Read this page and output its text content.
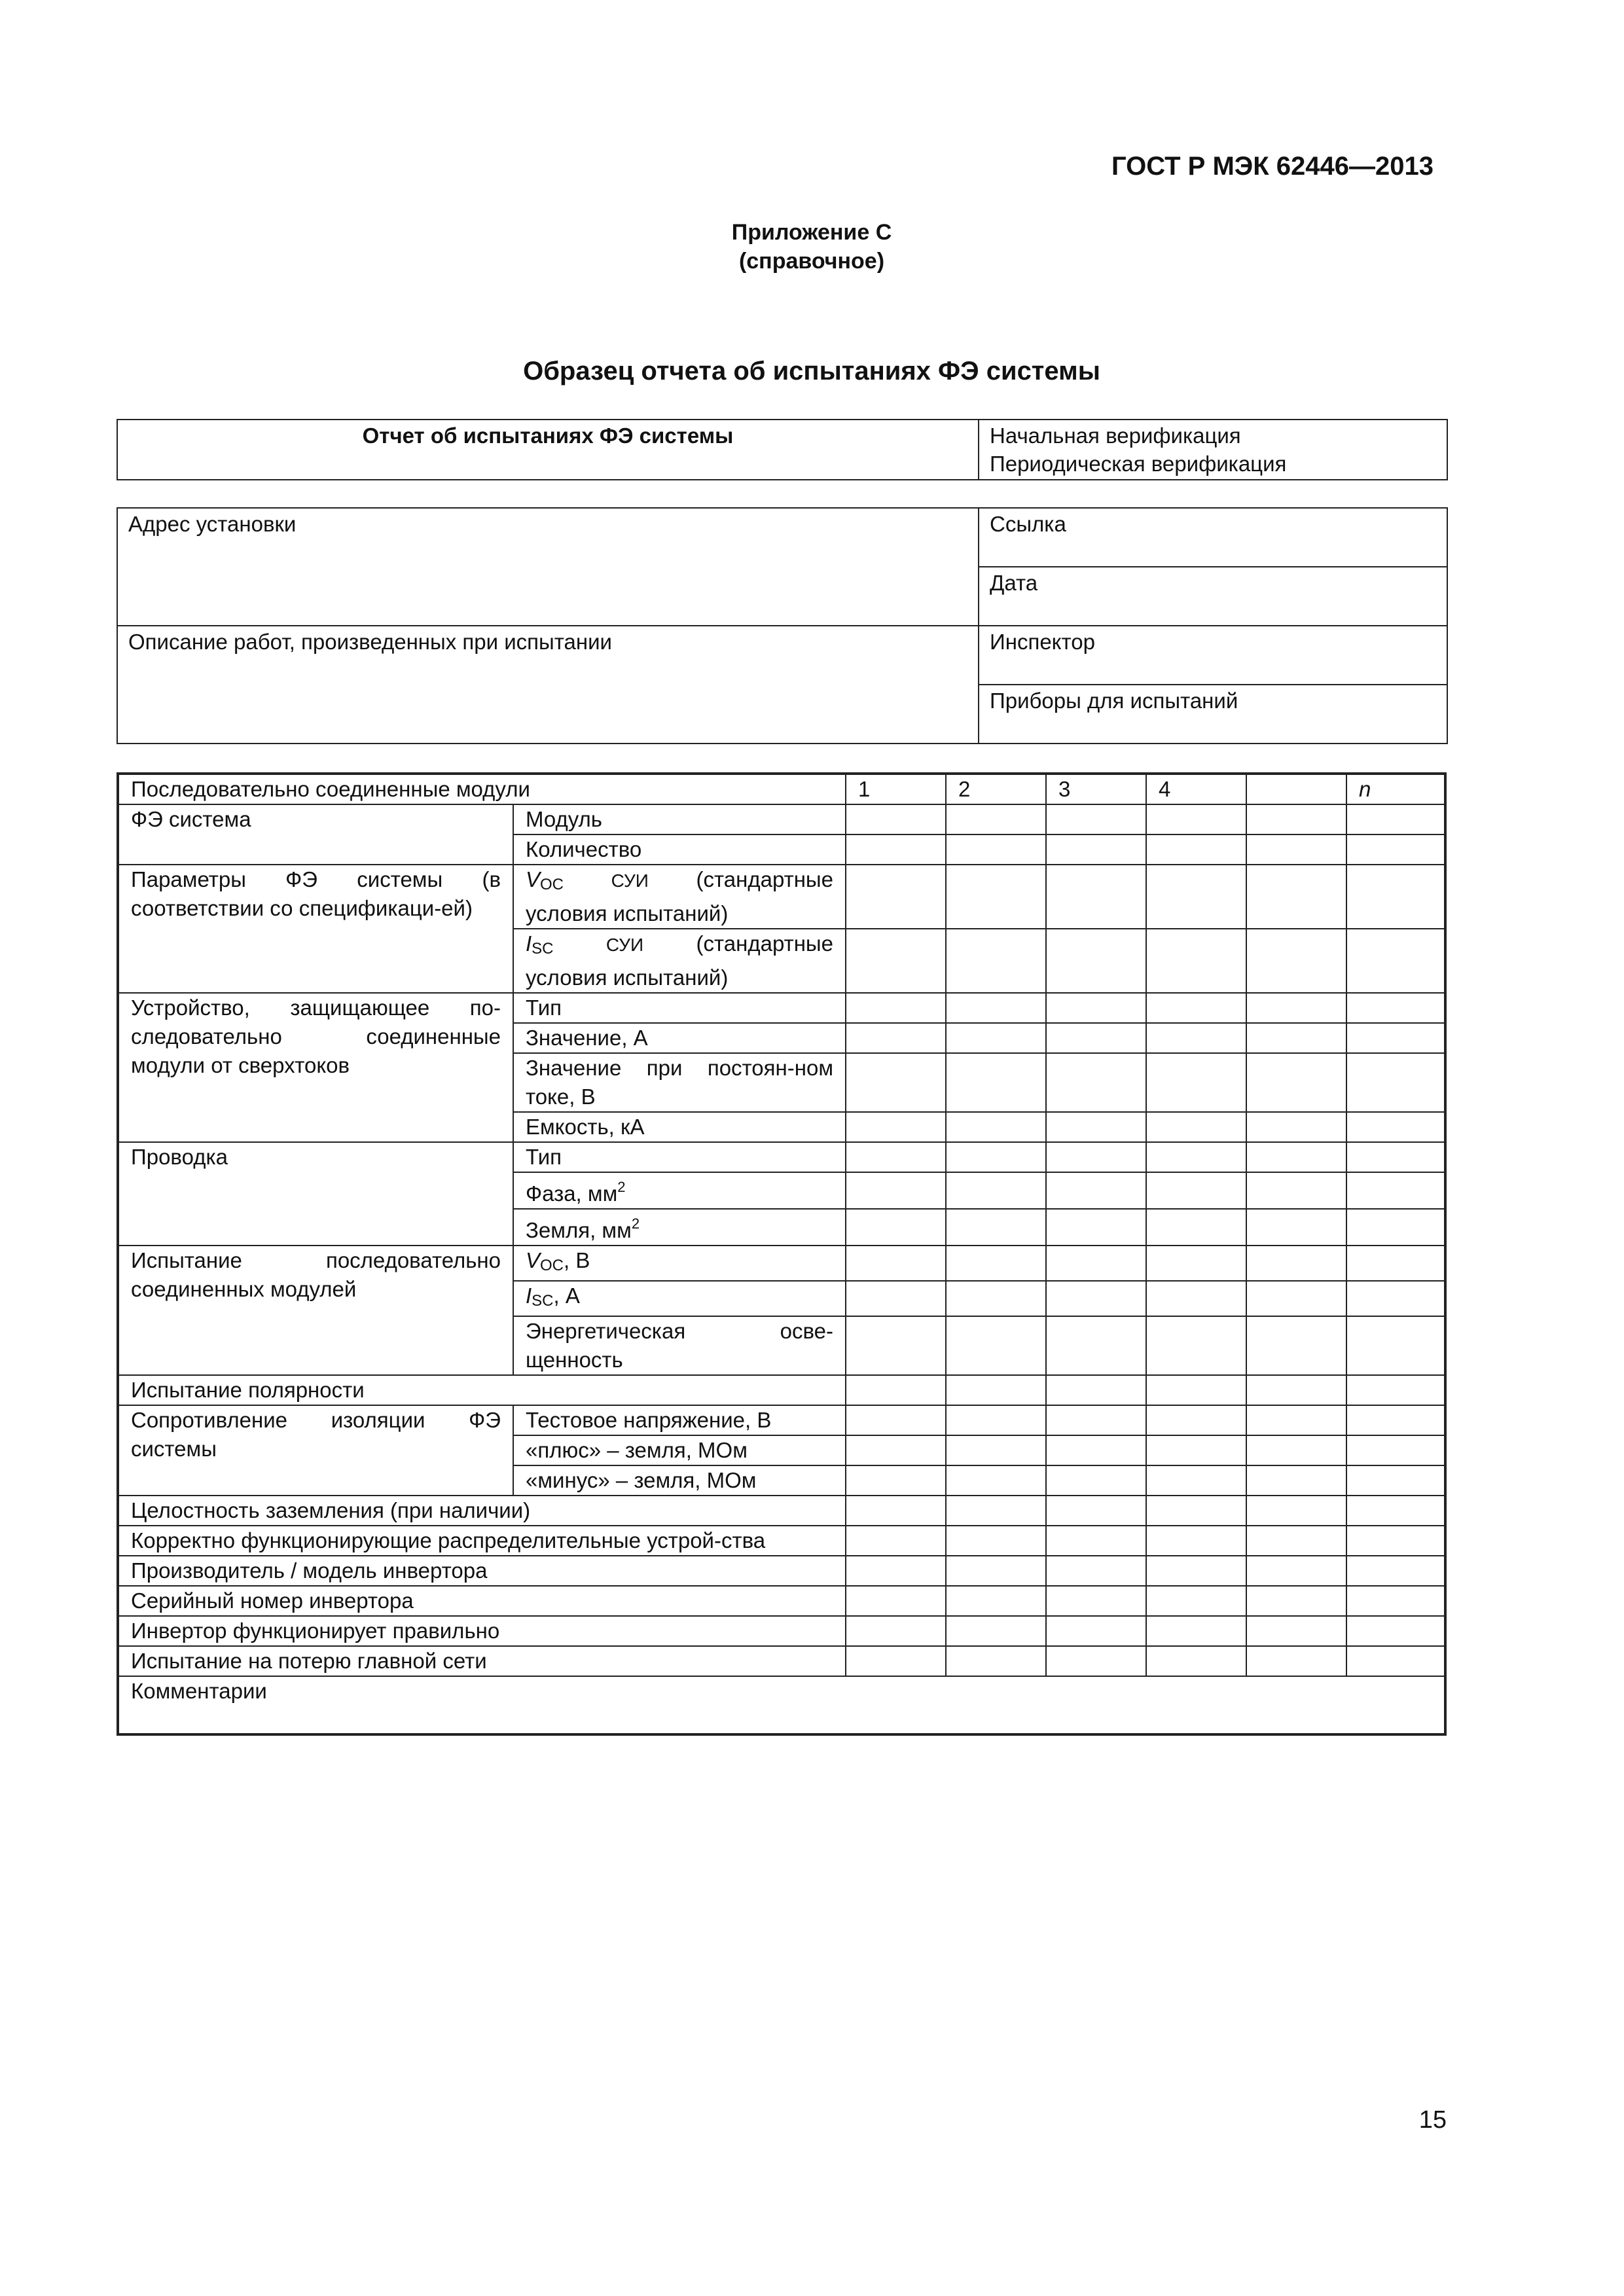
ГОСТ Р МЭК 62446—2013
Приложение С
(справочное)
Образец отчета об испытаниях ФЭ системы
Отчет об испытаниях ФЭ системы	Начальная верификация
Периодическая верификация
Адрес установки	Ссылка
	Дата
Описание работ, произведенных при испытании	Инспектор
	Приборы для испытаний
Последовательно соединенные модули		1	2	3	4		n
ФЭ система	Модуль						
	Количество						
Параметры ФЭ системы (в соответствии со спецификаци-ей)	VOC СУИ (стандартные условия испытаний)						
	ISC СУИ (стандартные условия испытаний)						
Устройство, защищающее по-следовательно соединенные модули от сверхтоков	Тип						
	Значение, А						
	Значение при постоян-ном токе, В						
	Емкость, кА						
Проводка	Тип						
	Фаза, $мм^2$						
	Земля, $мм^2$						
Испытание последовательно соединенных модулей	VOC, В						
	ISC, А						
	Энергетическая осве-щенность						
Испытание полярности							
Сопротивление изоляции ФЭ системы	Тестовое напряжение, В						
	«плюс» – земля, МОм						
	«минус» – земля, МОм						
Целостность заземления (при наличии)							
Корректно функционирующие распределительные устрой-ства							
Производитель / модель инвертора							
Серийный номер инвертора							
Инвертор функционирует правильно							
Испытание на потерю главной сети							
Комментарии							
15
